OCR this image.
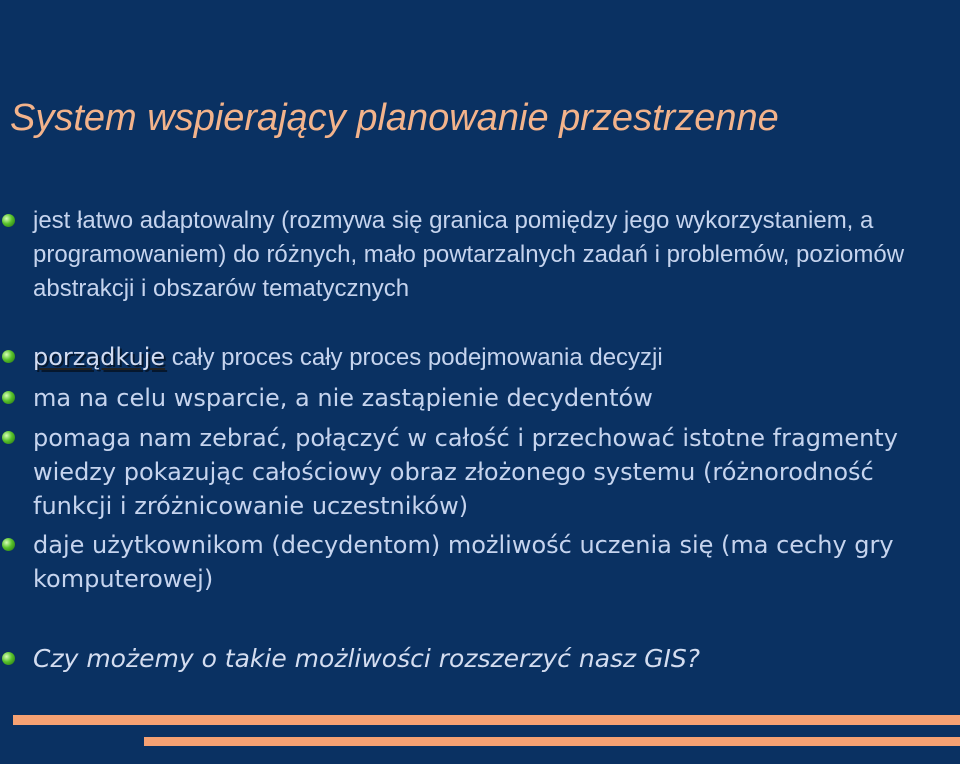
System wspierający planowanie przestrzenne
jest łatwo adaptowalny (rozmywa się granica pomiędzy jego wykorzystaniem, a programowaniem) do różnych, mało powtarzalnych zadań i problemów, poziomów abstrakcji i obszarów tematycznych
porządkuje cały proces cały proces podejmowania decyzji
ma na celu wsparcie, a nie zastąpienie decydentów
pomaga nam zebrać, połączyć w całość i przechować istotne fragmenty wiedzy pokazując całościowy obraz złożonego systemu (różnorodność funkcji i zróżnicowanie uczestników)
daje użytkownikom (decydentom) możliwość uczenia się (ma cechy gry komputerowej)
Czy możemy o takie możliwości rozszerzyć nasz GIS?
